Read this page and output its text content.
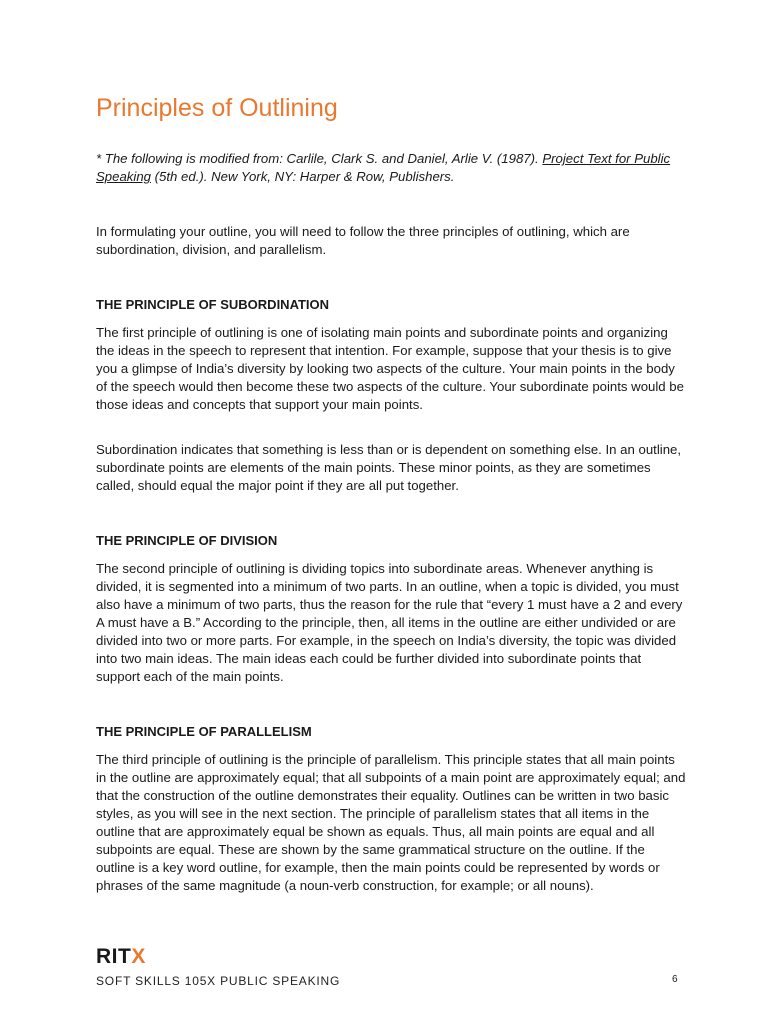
Principles of Outlining

* The following is modified from: Carlile, Clark S. and Daniel, Arlie V. (1987). Project Text for Public Speaking (5th ed.). New York, NY: Harper & Row, Publishers.

In formulating your outline, you will need to follow the three principles of outlining, which are subordination, division, and parallelism.

THE PRINCIPLE OF SUBORDINATION

The first principle of outlining is one of isolating main points and subordinate points and organizing the ideas in the speech to represent that intention. For example, suppose that your thesis is to give you a glimpse of India’s diversity by looking two aspects of the culture. Your main points in the body of the speech would then become these two aspects of the culture. Your subordinate points would be those ideas and concepts that support your main points.

Subordination indicates that something is less than or is dependent on something else. In an outline, subordinate points are elements of the main points. These minor points, as they are sometimes called, should equal the major point if they are all put together.

THE PRINCIPLE OF DIVISION

The second principle of outlining is dividing topics into subordinate areas. Whenever anything is divided, it is segmented into a minimum of two parts. In an outline, when a topic is divided, you must also have a minimum of two parts, thus the reason for the rule that “every 1 must have a 2 and every A must have a B.” According to the principle, then, all items in the outline are either undivided or are divided into two or more parts. For example, in the speech on India’s diversity, the topic was divided into two main ideas. The main ideas each could be further divided into subordinate points that support each of the main points.

THE PRINCIPLE OF PARALLELISM

The third principle of outlining is the principle of parallelism. This principle states that all main points in the outline are approximately equal; that all subpoints of a main point are approximately equal; and that the construction of the outline demonstrates their equality. Outlines can be written in two basic styles, as you will see in the next section. The principle of parallelism states that all items in the outline that are approximately equal be shown as equals. Thus, all main points are equal and all subpoints are equal. These are shown by the same grammatical structure on the outline. If the outline is a key word outline, for example, then the main points could be represented by words or phrases of the same magnitude (a noun-verb construction, for example; or all nouns).

RITX
SOFT SKILLS 105X PUBLIC SPEAKING	6
